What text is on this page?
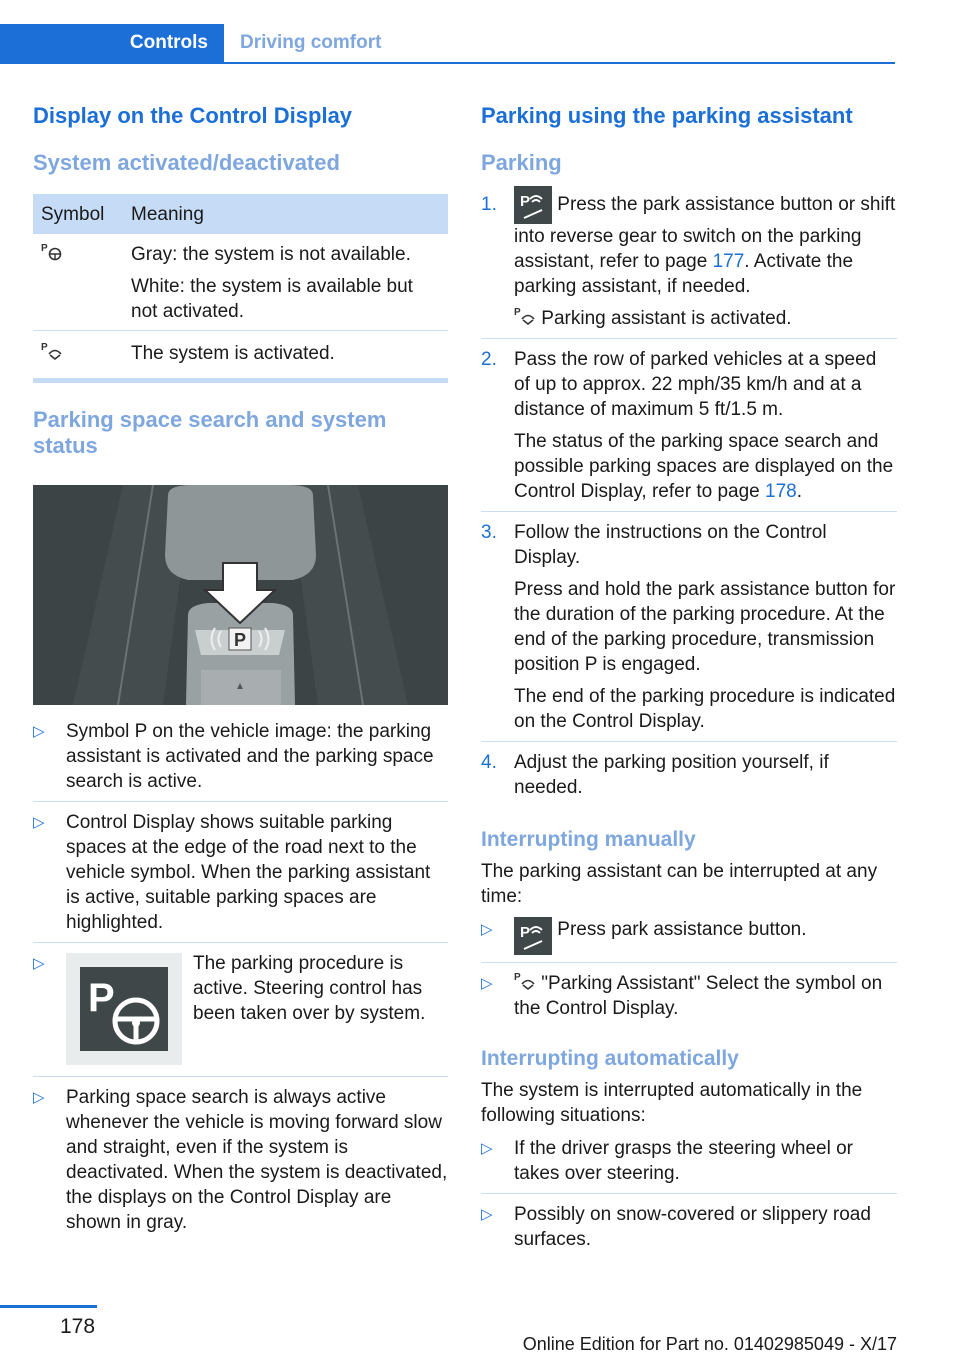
Controls	Driving comfort
Display on the Control Display
System activated/deactivated
Symbol	Meaning

P	Gray: the system is not available.

White: the system is available but not activated.

P	The system is activated.
Parking space search and system status
P
▷ Symbol P on the vehicle image: the parking assistant is activated and the parking space search is active.
▷ Control Display shows suitable parking spaces at the edge of the road next to the vehicle symbol. When the parking assistant is active, suitable parking spaces are highlighted.
▷
P
The parking procedure is active. Steering control has been taken over by system.
▷ Parking space search is always active whenever the vehicle is moving forward slow and straight, even if the system is deactivated. When the system is deactivated, the displays on the Control Display are shown in gray.
Parking using the parking assistant
Parking
1. P Press the park assistance button or shift into reverse gear to switch on the parking assistant, refer to page 177. Activate the parking assistant, if needed.

P Parking assistant is activated.

2. Pass the row of parked vehicles at a speed of up to approx. 22 mph/35 km/h and at a distance of maximum 5 ft/1.5 m.

The status of the parking space search and possible parking spaces are displayed on the Control Display, refer to page 178.

3. Follow the instructions on the Control Display.

Press and hold the park assistance button for the duration of the parking procedure. At the end of the parking procedure, transmission position P is engaged.

The end of the parking procedure is indicated on the Control Display.

4. Adjust the parking position yourself, if needed.

Interrupting manually

The parking assistant can be interrupted at any time:

▷ P Press park assistance button.
▷ P "Parking Assistant" Select the symbol on the Control Display.
Interrupting automatically

The system is interrupted automatically in the following situations:

▷ If the driver grasps the steering wheel or takes over steering.
▷ Possibly on snow-covered or slippery road surfaces.
178
Online Edition for Part no. 01402985049 - X/17
